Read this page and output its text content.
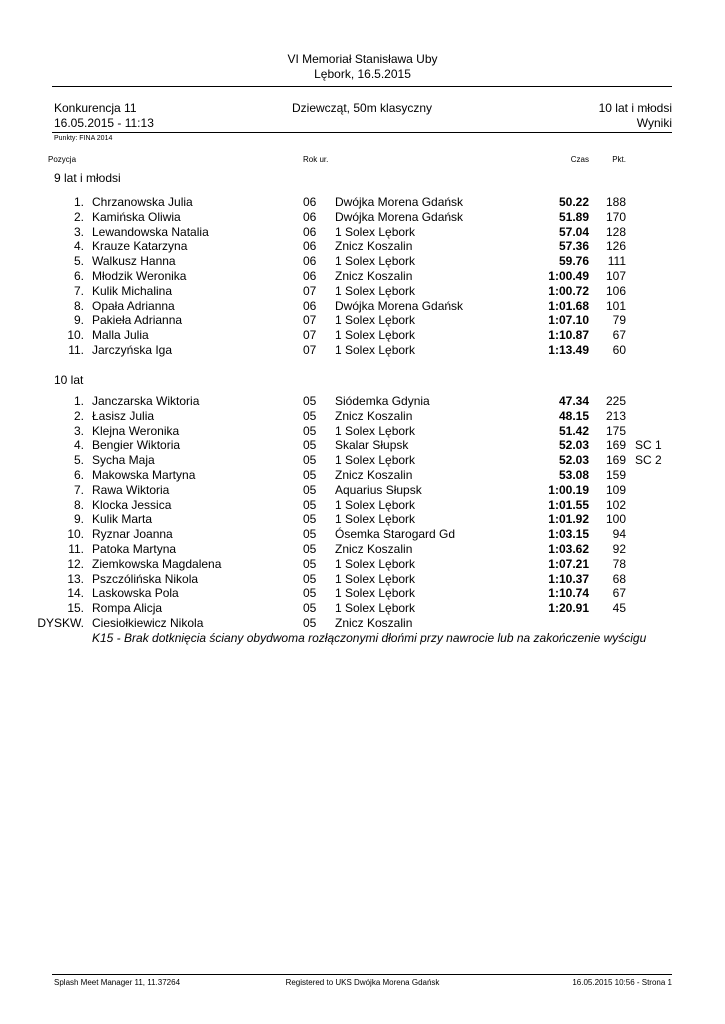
VI Memoriał Stanisława Uby
Lębork, 16.5.2015
Konkurencja 11
16.05.2015 - 11:13
Dziewcząt, 50m klasyczny	10 lat i młodsi
Wyniki
Punkty: FINA 2014
Pozycja	Rok ur.	Czas	Pkt.
9 lat i młodsi
1. Chrzanowska Julia	06 Dwójka Morena Gdańsk	50.22 188
2. Kamińska Oliwia	06 Dwójka Morena Gdańsk	51.89 170
3. Lewandowska Natalia	06 1 Solex Lębork	57.04 128
4. Krauze Katarzyna	06 Znicz Koszalin	57.36 126
5. Walkusz Hanna	06 1 Solex Lębork	59.76 111
6. Młodzik Weronika	06 Znicz Koszalin	1:00.49 107
7. Kulik Michalina	07 1 Solex Lębork	1:00.72 106
8. Opała Adrianna	06 Dwójka Morena Gdańsk	1:01.68 101
9. Pakieła Adrianna	07 1 Solex Lębork	1:07.10 79
10. Malla Julia	07 1 Solex Lębork	1:10.87 67
11. Jarczyńska Iga	07 1 Solex Lębork	1:13.49 60
10 lat
1. Janczarska Wiktoria	05 Siódemka Gdynia	47.34 225
2. Łasisz Julia	05 Znicz Koszalin	48.15 213
3. Klejna Weronika	05 1 Solex Lębork	51.42 175
4. Bengier Wiktoria	05 Skalar Słupsk	52.03 169 SC 1
5. Sycha Maja	05 1 Solex Lębork	52.03 169 SC 2
6. Makowska Martyna	05 Znicz Koszalin	53.08 159
7. Rawa Wiktoria	05 Aquarius Słupsk	1:00.19 109
8. Klocka Jessica	05 1 Solex Lębork	1:01.55 102
9. Kulik Marta	05 1 Solex Lębork	1:01.92 100
10. Ryznar Joanna	05 Ósemka Starogard Gd	1:03.15 94
11. Patoka Martyna	05 Znicz Koszalin	1:03.62 92
12. Ziemkowska Magdalena	05 1 Solex Lębork	1:07.21 78
13. Pszczólińska Nikola	05 1 Solex Lębork	1:10.37 68
14. Laskowska Pola	05 1 Solex Lębork	1:10.74 67
15. Rompa Alicja	05 1 Solex Lębork	1:20.91 45
DYSKW. Ciesiołkiewicz Nikola	05 Znicz Koszalin
K15 - Brak dotknięcia ściany obydwoma rozłączonymi dłońmi przy nawrocie lub na zakończenie wyścigu
Splash Meet Manager 11, 11.37264	Registered to UKS Dwójka Morena Gdańsk	16.05.2015 10:56 - Strona 1
